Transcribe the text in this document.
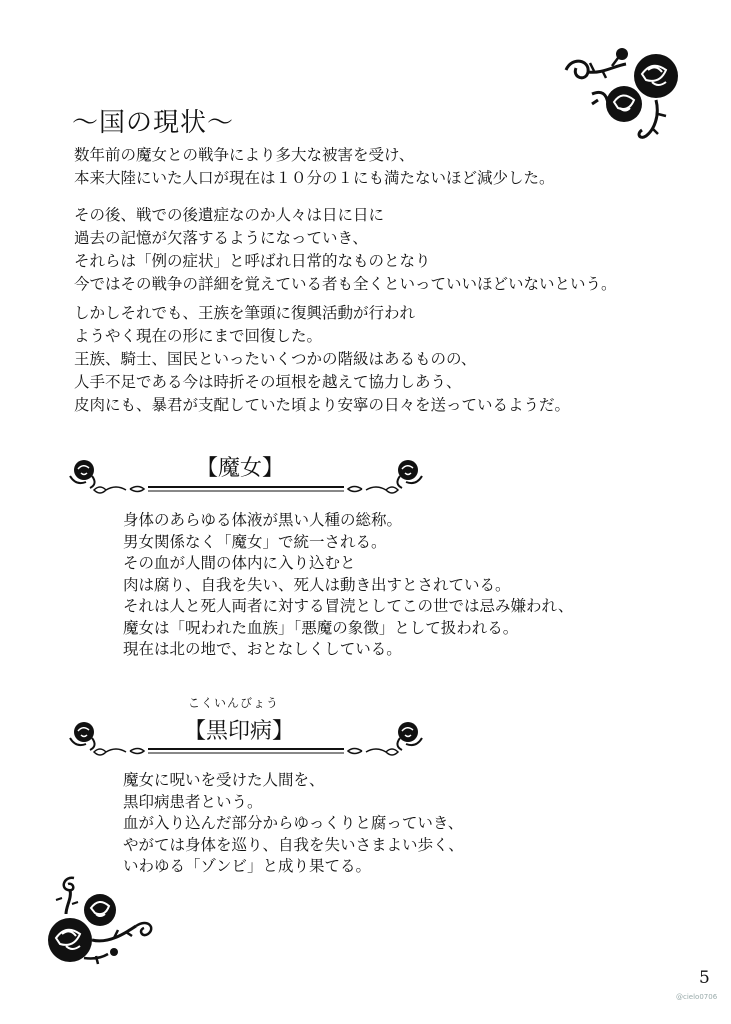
〜国の現状〜
数年前の魔女との戦争により多大な被害を受け、
本来大陸にいた人口が現在は１０分の１にも満たないほど減少した。
その後、戦での後遺症なのか人々は日に日に
過去の記憶が欠落するようになっていき、
それらは「例の症状」と呼ばれ日常的なものとなり
今ではその戦争の詳細を覚えている者も全くといっていいほどいないという。
しかしそれでも、王族を筆頭に復興活動が行われ
ようやく現在の形にまで回復した。
王族、騎士、国民といったいくつかの階級はあるものの、
人手不足である今は時折その垣根を越えて協力しあう、
皮肉にも、暴君が支配していた頃より安寧の日々を送っているようだ。
【魔女】
身体のあらゆる体液が黒い人種の総称。
男女関係なく「魔女」で統一される。
その血が人間の体内に入り込むと
肉は腐り、自我を失い、死人は動き出すとされている。
それは人と死人両者に対する冒涜としてこの世では忌み嫌われ、
魔女は「呪われた血族」「悪魔の象徴」として扱われる。
現在は北の地で、おとなしくしている。
こくいんびょう
【黒印病】
魔女に呪いを受けた人間を、
黒印病患者という。
血が入り込んだ部分からゆっくりと腐っていき、
やがては身体を巡り、自我を失いさまよい歩く、
いわゆる「ゾンビ」と成り果てる。
5
@cielo0706
